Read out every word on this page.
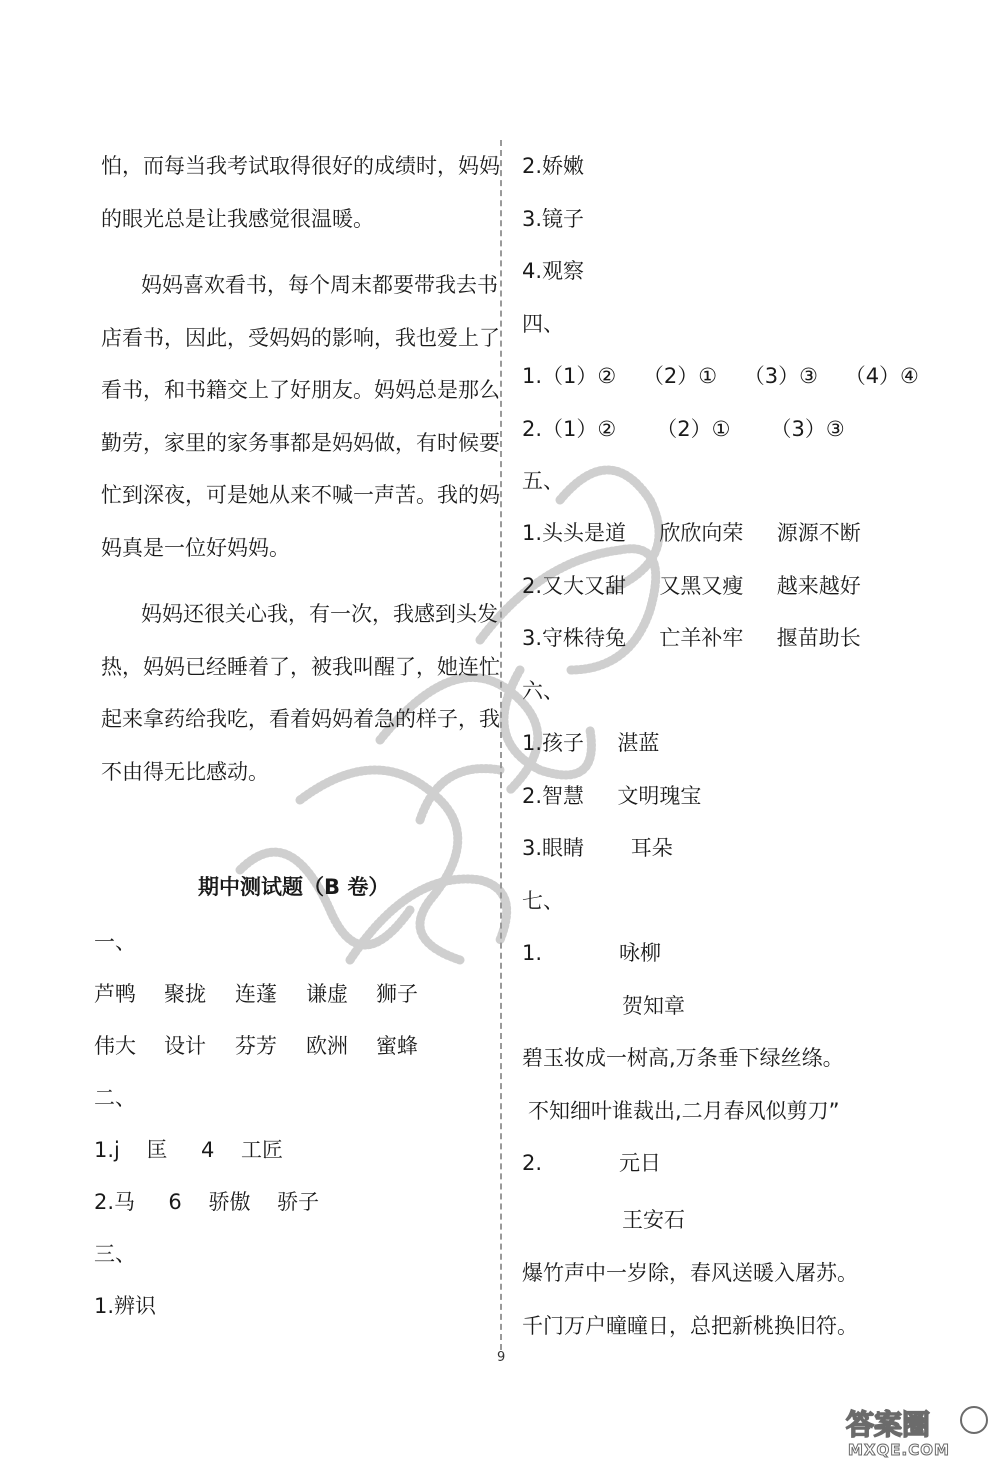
怕，而每当我考试取得很好的成绩时，妈妈
的眼光总是让我感觉很温暖。
妈妈喜欢看书，每个周末都要带我去书
店看书，因此，受妈妈的影响，我也爱上了
看书，和书籍交上了好朋友。妈妈总是那么
勤劳，家里的家务事都是妈妈做，有时候要
忙到深夜，可是她从来不喊一声苦。我的妈
妈真是一位好妈妈。
妈妈还很关心我，有一次，我感到头发
热，妈妈已经睡着了，被我叫醒了，她连忙
起来拿药给我吃，看着妈妈着急的样子，我
不由得无比感动。
期中测试题（B 卷）
一、
芦鸭 聚拢 连蓬 谦虚 狮子
伟大 设计 芬芳 欧洲 蜜蜂
二、
1.j    匡     4    工匠
2.马     6    骄傲    骄子
三、
1.辨识
2.娇嫩
3.镜子
4.观察
四、
1.（1）②    （2）①    （3）③    （4）④
2.（1）②      （2）①      （3）③
五、
1.头头是道     欣欣向荣     源源不断
2.又大又甜     又黑又瘦     越来越好
3.守株待兔     亡羊补牢     揠苗助长
六、
1.孩子     湛蓝
2.智慧     文明瑰宝
3.眼睛       耳朵
七、
1.	咏柳
贺知章
碧玉妆成一树高,万条垂下绿丝绦。
不知细叶谁裁出,二月春风似剪刀”
2.	元日
王安石
爆竹声中一岁除，春风送暖入屠苏。
千门万户曈曈日，总把新桃换旧符。
9
答案圈
MXQE.COM
